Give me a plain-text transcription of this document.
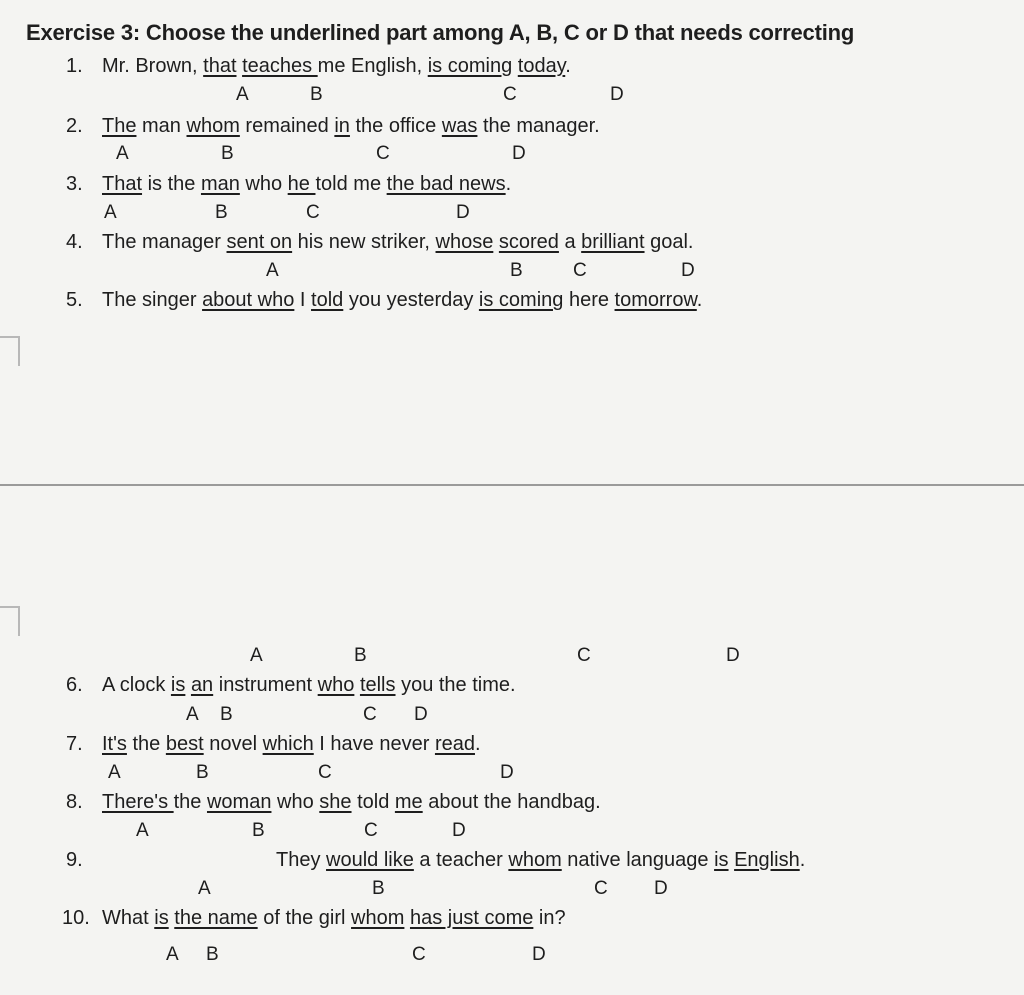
Exercise 3: Choose the underlined part among A, B, C or D that needs correcting
1. Mr. Brown, that teaches me English, is coming today.
A	B	C	D
2. The man whom remained in the office was the manager.
A	B	C	D
3. That is the man who he told me the bad news.
A	B	C	D
4. The manager sent on his new striker, whose scored a brilliant goal.
A	B	C	D
5. The singer about who I told you yesterday is coming here tomorrow.
A	B	C	D
6. A clock is an instrument who tells you the time.
A B	C D
7. It's the best novel which I have never read.
A	B	C	D
8. There's the woman who she told me about the handbag.
A	B	C	D
9.	They would like a teacher whom native language is English.
A	B	C D
10. What is the name of the girl whom has just come in?
A B	C	D
